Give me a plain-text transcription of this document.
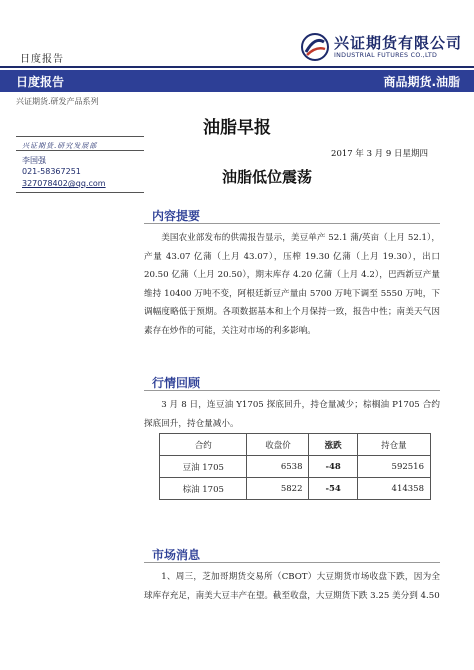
日度报告
兴证期货有限公司
INDUSTRIAL FUTURES CO.,LTD
日度报告	商品期货.油脂
兴证期货.研发产品系列
油脂早报
兴证期货.研究发展部
李国强
021-58367251
327078402@qq.com
2017 年 3 月 9 日星期四
油脂低位震荡
内容提要
美国农业部发布的供需报告显示，美豆单产 52.1 蒲/英亩（上月 52.1），产量 43.07 亿蒲（上月 43.07），压榨 19.30 亿蒲（上月 19.30），出口 20.50 亿蒲（上月 20.50），期末库存 4.20 亿蒲（上月 4.2），巴西新豆产量维持 10400 万吨不变，阿根廷新豆产量由 5700 万吨下调至 5550 万吨，下调幅度略低于预期。各项数据基本和上个月保持一致，报告中性；南美天气因素存在炒作的可能，关注对市场的利多影响。
行情回顾
3 月 8 日，连豆油 Y1705 探底回升，持仓量减少；棕榈油 P1705 合约探底回升，持仓量减小。
合约	收盘价	涨跌	持仓量
豆油 1705	6538	-48	592516
棕油 1705	5822	-54	414358
市场消息
1、周三，芝加哥期货交易所（CBOT）大豆期货市场收盘下跌，因为全球库存充足，南美大豆丰产在望。截至收盘，大豆期货下跌 3.25 美分到 4.50
